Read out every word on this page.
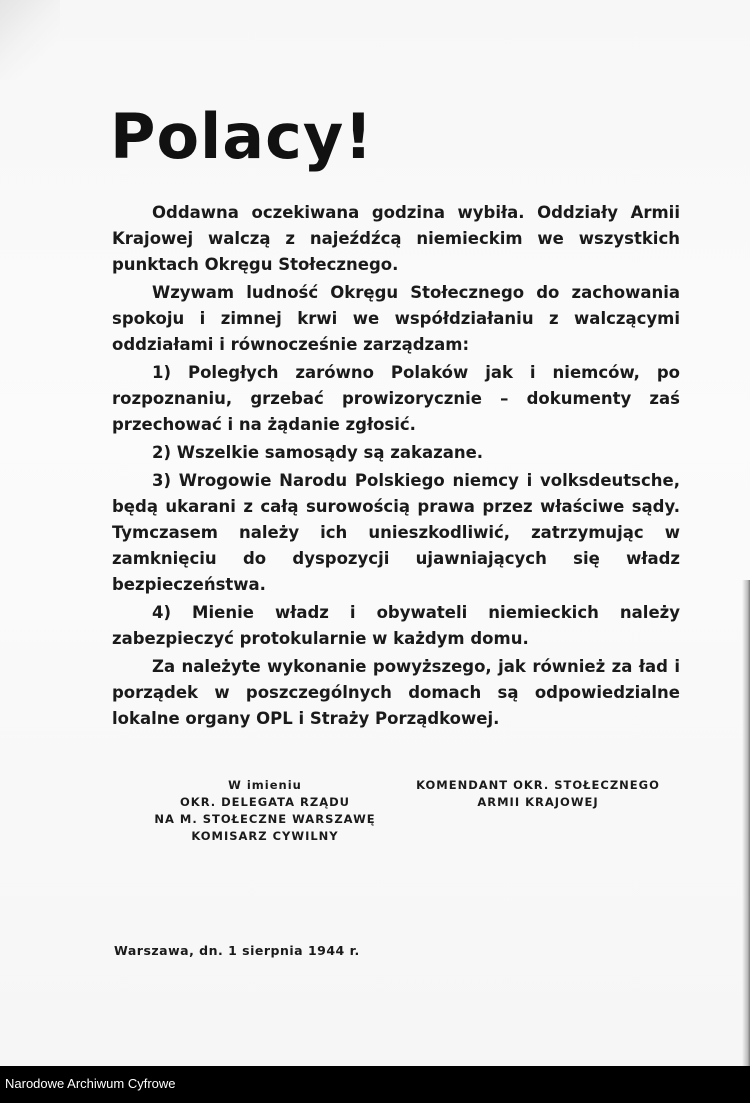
Polacy!

Oddawna oczekiwana godzina wybiła. Oddziały Armii Krajowej walczą z najeźdźcą niemieckim we wszystkich punktach Okręgu Stołecznego.

Wzywam ludność Okręgu Stołecznego do zachowania spokoju i zimnej krwi we współdziałaniu z walczącymi oddziałami i równocześnie zarządzam:

1) Poległych zarówno Polaków jak i niemców, po rozpoznaniu, grzebać prowizorycznie – dokumenty zaś przechować i na żądanie zgłosić.

2) Wszelkie samosądy są zakazane.

3) Wrogowie Narodu Polskiego niemcy i volksdeutsche, będą ukarani z całą surowością prawa przez właściwe sądy. Tymczasem należy ich unieszkodliwić, zatrzymując w zamknięciu do dyspozycji ujawniających się władz bezpieczeństwa.

4) Mienie władz i obywateli niemieckich należy zabezpieczyć protokularnie w każdym domu.

Za należyte wykonanie powyższego, jak również za ład i porządek w poszczególnych domach są odpowiedzialne lokalne organy OPL i Straży Porządkowej.

W imieniu
OKR. DELEGATA RZĄDU
NA M. STOŁECZNE WARSZAWĘ
KOMISARZ CYWILNY
KOMENDANT OKR. STOŁECZNEGO
ARMII KRAJOWEJ
Warszawa, dn. 1 sierpnia 1944 r.
Narodowe Archiwum Cyfrowe
